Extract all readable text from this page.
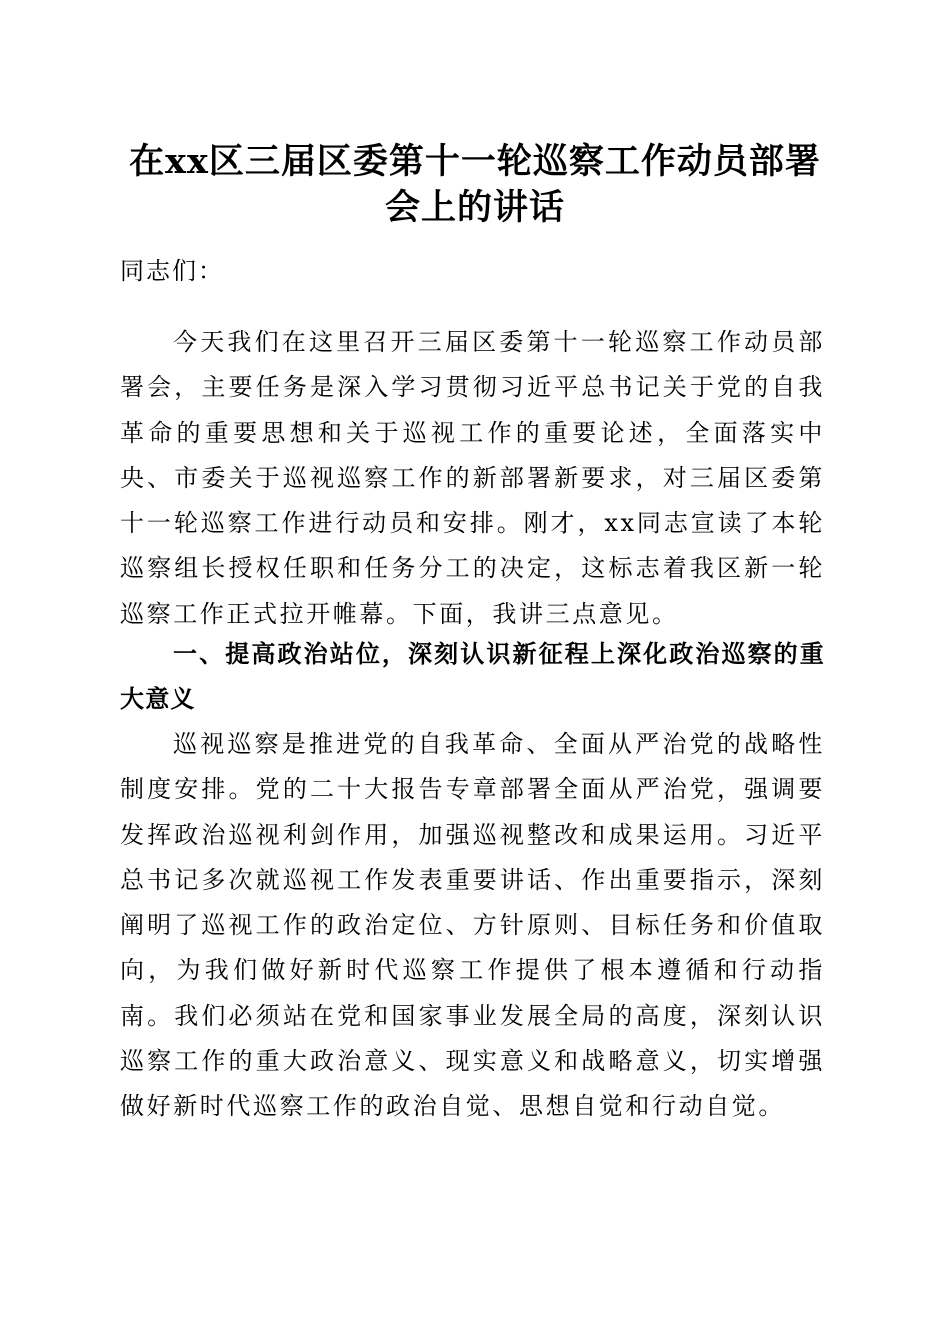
在xx区三届区委第十一轮巡察工作动员部署
会上的讲话
同志们：
今天我们在这里召开三届区委第十一轮巡察工作动员部署会，主要任务是深入学习贯彻习近平总书记关于党的自我革命的重要思想和关于巡视工作的重要论述，全面落实中央、市委关于巡视巡察工作的新部署新要求，对三届区委第十一轮巡察工作进行动员和安排。刚才，xx同志宣读了本轮巡察组长授权任职和任务分工的决定，这标志着我区新一轮巡察工作正式拉开帷幕。下面，我讲三点意见。
一、提高政治站位，深刻认识新征程上深化政治巡察的重大意义
巡视巡察是推进党的自我革命、全面从严治党的战略性制度安排。党的二十大报告专章部署全面从严治党，强调要发挥政治巡视利剑作用，加强巡视整改和成果运用。习近平总书记多次就巡视工作发表重要讲话、作出重要指示，深刻阐明了巡视工作的政治定位、方针原则、目标任务和价值取向，为我们做好新时代巡察工作提供了根本遵循和行动指南。我们必须站在党和国家事业发展全局的高度，深刻认识巡察工作的重大政治意义、现实意义和战略意义，切实增强做好新时代巡察工作的政治自觉、思想自觉和行动自觉。
